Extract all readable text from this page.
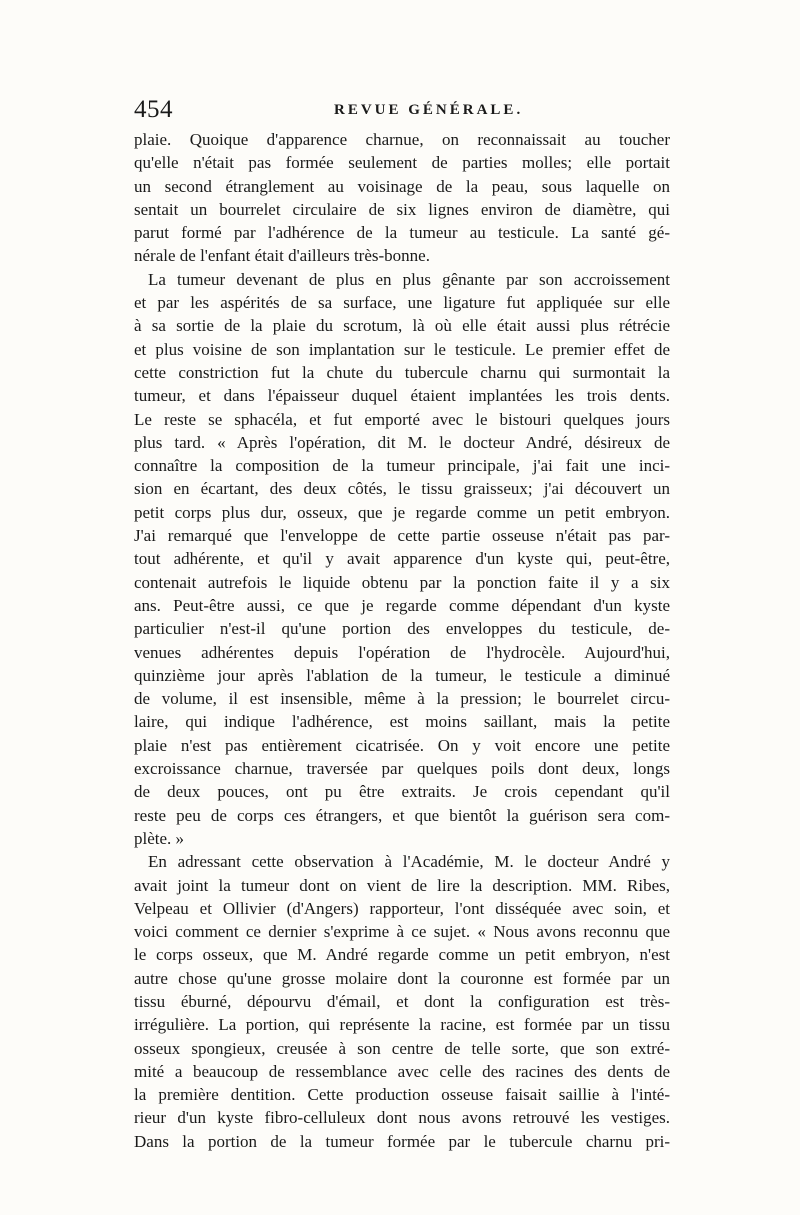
454	REVUE GÉNÉRALE.
plaie. Quoique d'apparence charnue, on reconnaissait au toucher
qu'elle n'était pas formée seulement de parties molles; elle portait
un second étranglement au voisinage de la peau, sous laquelle on
sentait un bourrelet circulaire de six lignes environ de diamètre, qui
parut formé par l'adhérence de la tumeur au testicule. La santé gé-
nérale de l'enfant était d'ailleurs très-bonne.
La tumeur devenant de plus en plus gênante par son accroissement
et par les aspérités de sa surface, une ligature fut appliquée sur elle
à sa sortie de la plaie du scrotum, là où elle était aussi plus rétrécie
et plus voisine de son implantation sur le testicule. Le premier effet de
cette constriction fut la chute du tubercule charnu qui surmontait la
tumeur, et dans l'épaisseur duquel étaient implantées les trois dents.
Le reste se sphacéla, et fut emporté avec le bistouri quelques jours
plus tard. « Après l'opération, dit M. le docteur André, désireux de
connaître la composition de la tumeur principale, j'ai fait une inci-
sion en écartant, des deux côtés, le tissu graisseux; j'ai découvert un
petit corps plus dur, osseux, que je regarde comme un petit embryon.
J'ai remarqué que l'enveloppe de cette partie osseuse n'était pas par-
tout adhérente, et qu'il y avait apparence d'un kyste qui, peut-être,
contenait autrefois le liquide obtenu par la ponction faite il y a six
ans. Peut-être aussi, ce que je regarde comme dépendant d'un kyste
particulier n'est-il qu'une portion des enveloppes du testicule, de-
venues adhérentes depuis l'opération de l'hydrocèle. Aujourd'hui,
quinzième jour après l'ablation de la tumeur, le testicule a diminué
de volume, il est insensible, même à la pression; le bourrelet circu-
laire, qui indique l'adhérence, est moins saillant, mais la petite
plaie n'est pas entièrement cicatrisée. On y voit encore une petite
excroissance charnue, traversée par quelques poils dont deux, longs
de deux pouces, ont pu être extraits. Je crois cependant qu'il
reste peu de corps ces étrangers, et que bientôt la guérison sera com-
plète. »
En adressant cette observation à l'Académie, M. le docteur André y
avait joint la tumeur dont on vient de lire la description. MM. Ribes,
Velpeau et Ollivier (d'Angers) rapporteur, l'ont disséquée avec soin, et
voici comment ce dernier s'exprime à ce sujet. « Nous avons reconnu que
le corps osseux, que M. André regarde comme un petit embryon, n'est
autre chose qu'une grosse molaire dont la couronne est formée par un
tissu éburné, dépourvu d'émail, et dont la configuration est très-
irrégulière. La portion, qui représente la racine, est formée par un tissu
osseux spongieux, creusée à son centre de telle sorte, que son extré-
mité a beaucoup de ressemblance avec celle des racines des dents de
la première dentition. Cette production osseuse faisait saillie à l'inté-
rieur d'un kyste fibro-celluleux dont nous avons retrouvé les vestiges.
Dans la portion de la tumeur formée par le tubercule charnu pri-
